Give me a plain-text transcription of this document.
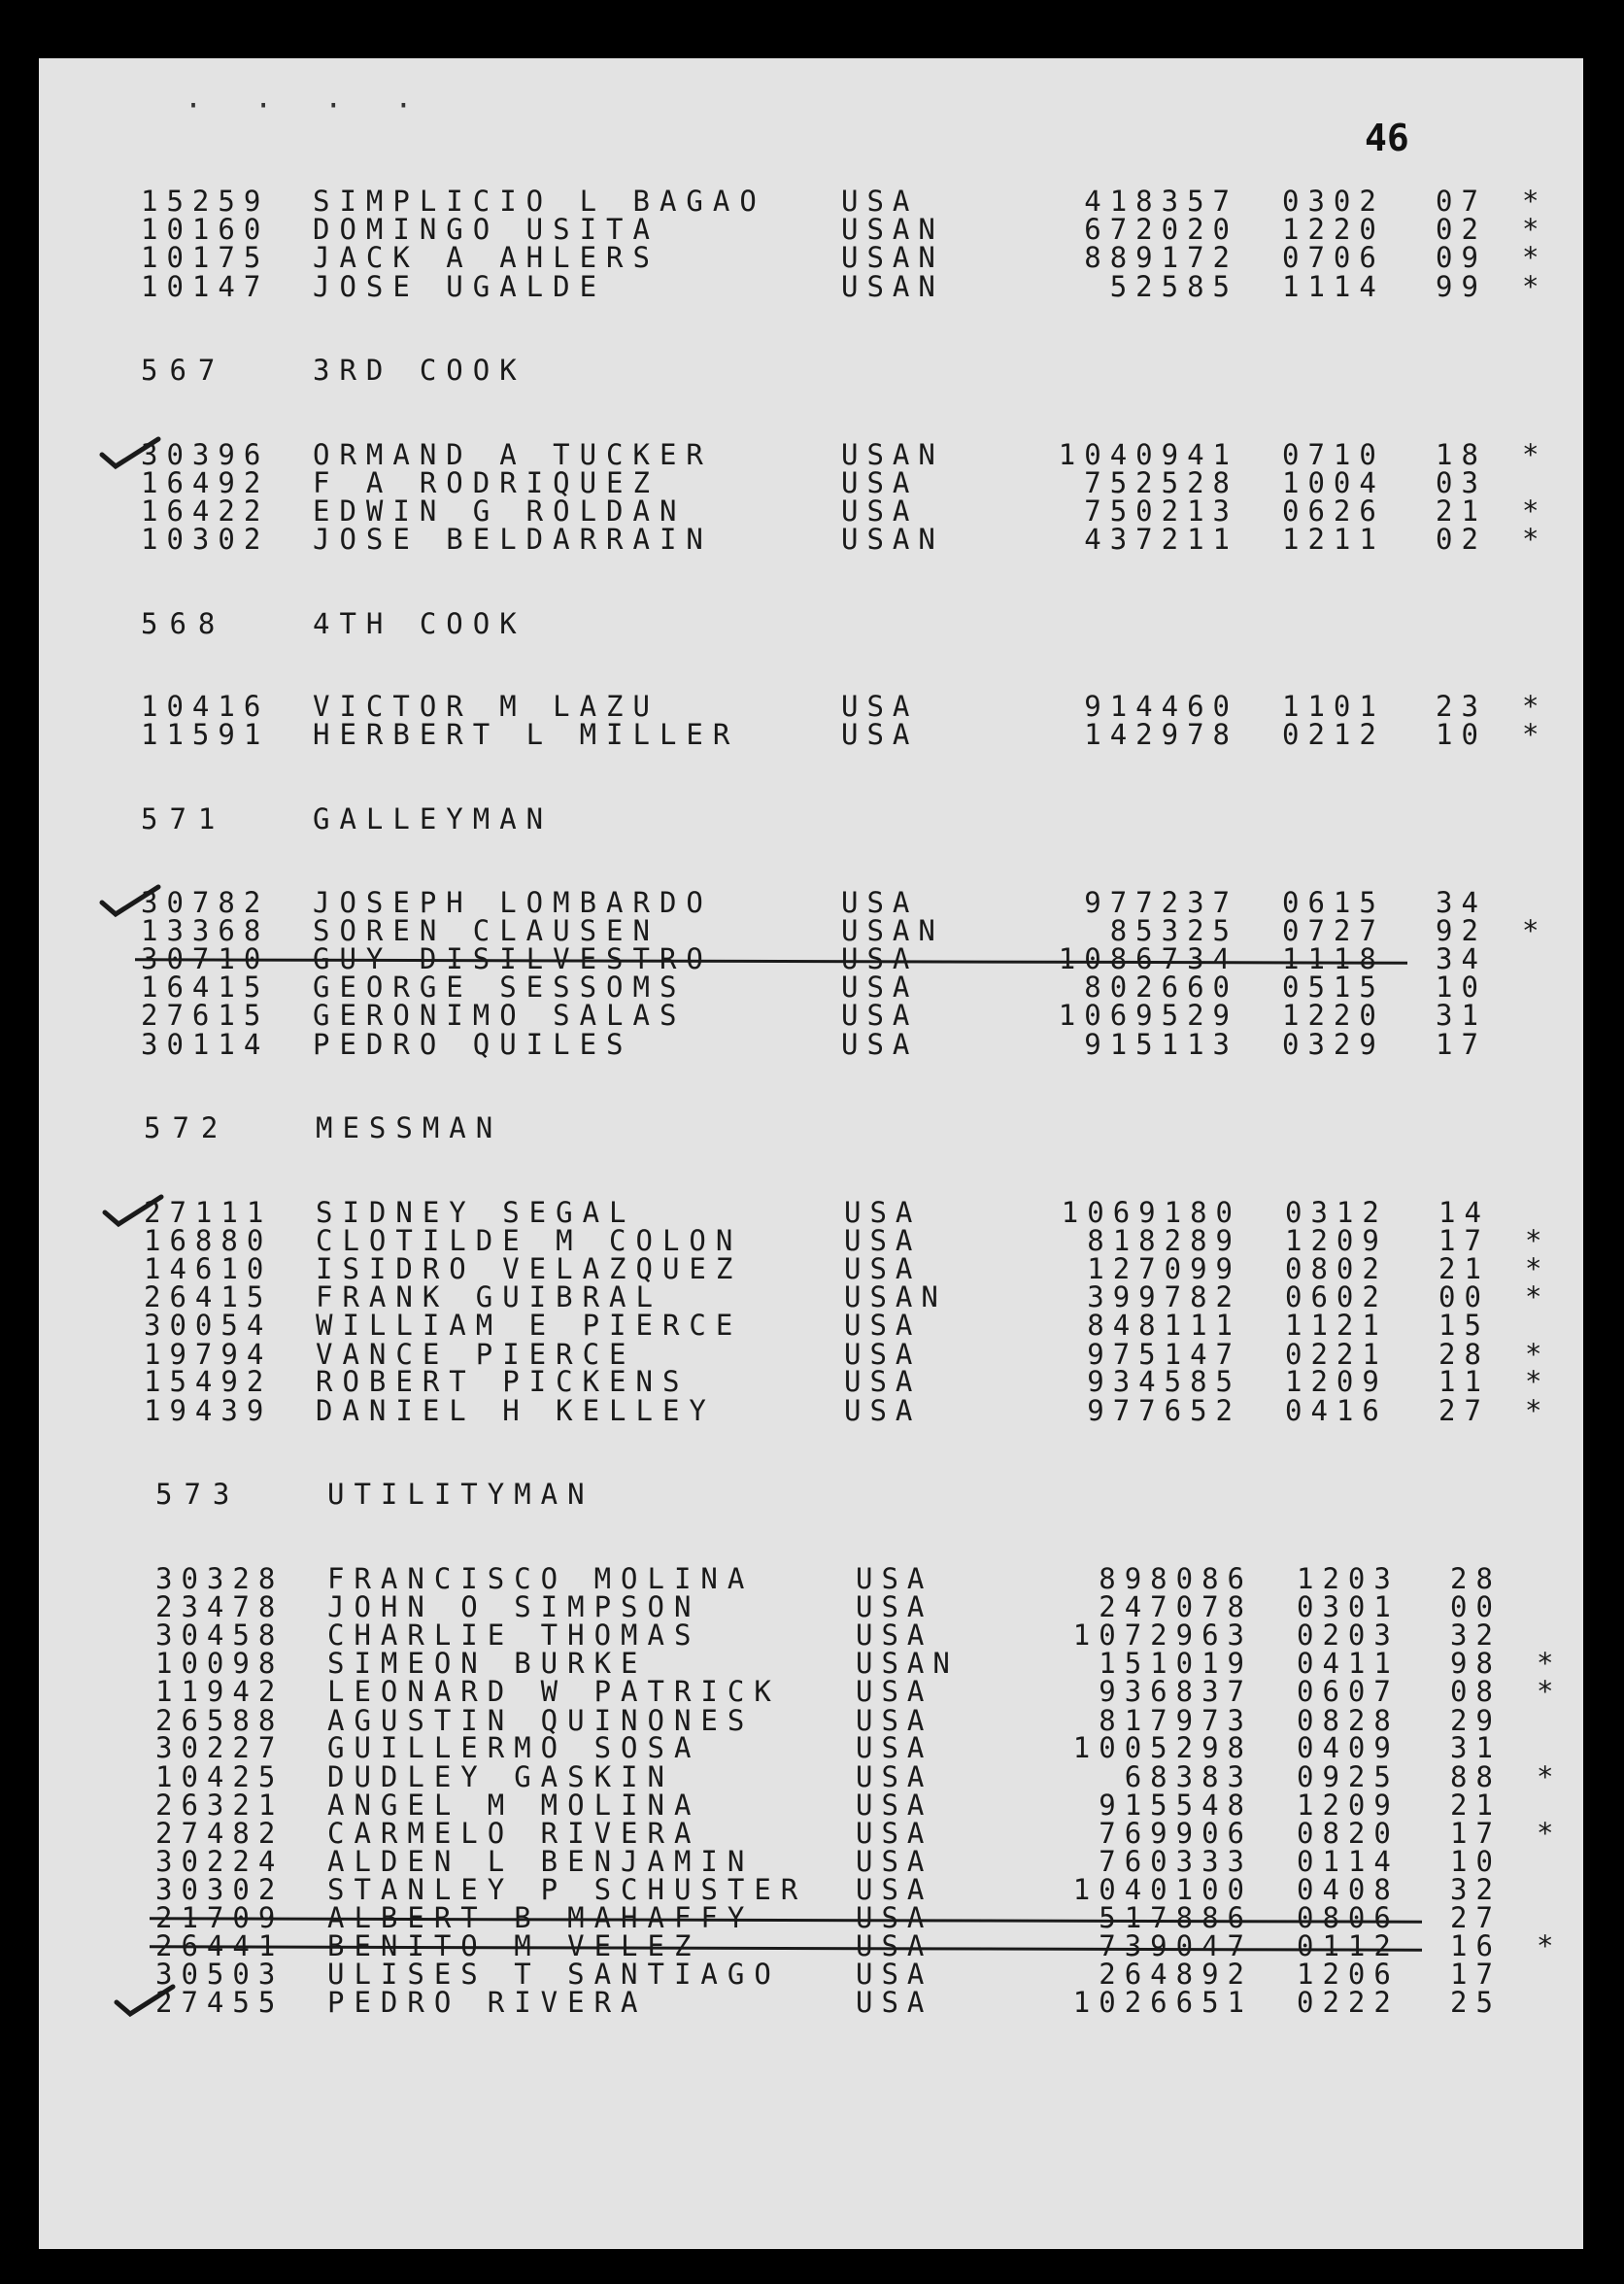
· · · ·
46
15259 SIMPLICIO L BAGAO	USA	418357 0302 07 *
10160 DOMINGO USITA	USAN	672020 1220 02 *
10175 JACK A AHLERS	USAN	889172 0706 09 *
10147 JOSE UGALDE	USAN	52585 1114 99 *
567	3RD COOK
30396 ORMAND A TUCKER	USAN	1040941 0710 18 *
16492 F A RODRIQUEZ	USA	752528 1004 03
16422 EDWIN G ROLDAN	USA	750213 0626 21 *
10302 JOSE BELDARRAIN	USAN	437211 1211 02 *
568	4TH COOK
10416 VICTOR M LAZU	USA	914460 1101 23 *
11591 HERBERT L MILLER	USA	142978 0212 10 *
571	GALLEYMAN
30782 JOSEPH LOMBARDO	USA	977237 0615 34
13368 SOREN CLAUSEN	USAN	85325 0727 92 *
30710 GUY DISILVESTRO	USA	1086734 1118 34
16415 GEORGE SESSOMS	USA	802660 0515 10
27615 GERONIMO SALAS	USA	1069529 1220 31
30114 PEDRO QUILES	USA	915113 0329 17
572	MESSMAN
27111 SIDNEY SEGAL	USA	1069180 0312 14
16880 CLOTILDE M COLON	USA	818289 1209 17 *
14610 ISIDRO VELAZQUEZ	USA	127099 0802 21 *
26415 FRANK GUIBRAL	USAN	399782 0602 00 *
30054 WILLIAM E PIERCE	USA	848111 1121 15
19794 VANCE PIERCE	USA	975147 0221 28 *
15492 ROBERT PICKENS	USA	934585 1209 11 *
19439 DANIEL H KELLEY	USA	977652 0416 27 *
573	UTILITYMAN
30328 FRANCISCO MOLINA	USA	898086 1203 28
23478 JOHN O SIMPSON	USA	247078 0301 00
30458 CHARLIE THOMAS	USA	1072963 0203 32
10098 SIMEON BURKE	USAN	151019 0411 98 *
11942 LEONARD W PATRICK	USA	936837 0607 08 *
26588 AGUSTIN QUINONES	USA	817973 0828 29
30227 GUILLERMO SOSA	USA	1005298 0409 31
10425 DUDLEY GASKIN	USA	68383 0925 88 *
26321 ANGEL M MOLINA	USA	915548 1209 21
27482 CARMELO RIVERA	USA	769906 0820 17 *
30224 ALDEN L BENJAMIN	USA	760333 0114 10
30302 STANLEY P SCHUSTER USA	1040100 0408 32
21709 ALBERT B MAHAFFY	USA	517886 0806 27
26441 BENITO M VELEZ	USA	739047 0112 16 *
30503 ULISES T SANTIAGO	USA	264892 1206 17
27455 PEDRO RIVERA	USA	1026651 0222 25
